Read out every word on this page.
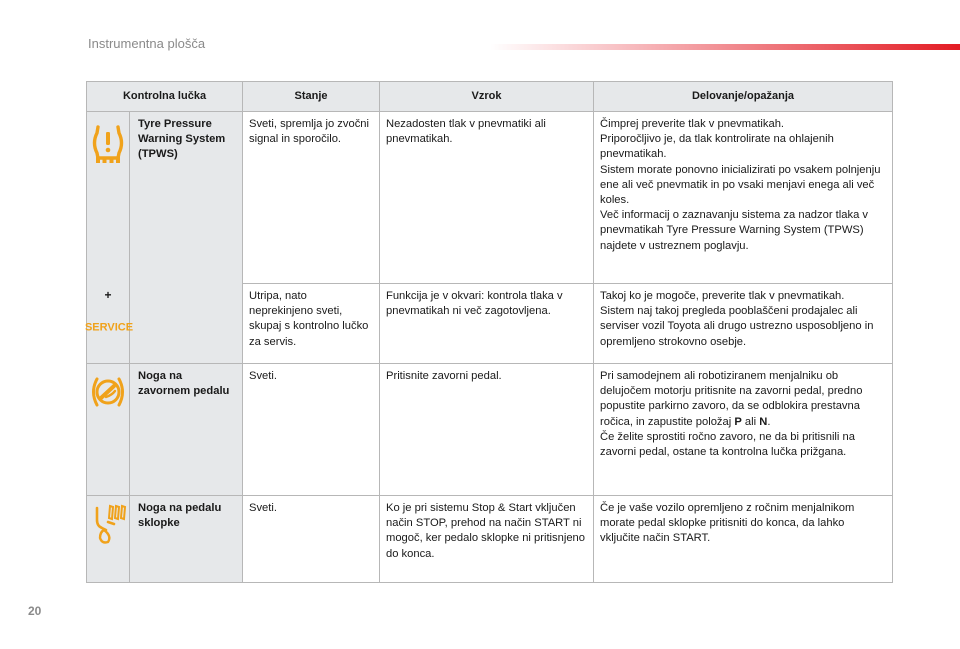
Instrumentna plošča
Kontrolna lučka		Stanje	Vzrok	Delovanje/opažanja

+
SERVICE	Tyre Pressure Warning System (TPWS)	Sveti, spremlja jo zvočni signal in sporočilo.	Nezadosten tlak v pnevmatiki ali pnevmatikah.	Čimprej preverite tlak v pnevmatikah.
Priporočljivo je, da tlak kontrolirate na ohlajenih pnevmatikah.
Sistem morate ponovno inicializirati po vsakem polnjenju ene ali več pnevmatik in po vsaki menjavi enega ali več koles.
Več informacij o zaznavanju sistema za nadzor tlaka v pnevmatikah Tyre Pressure Warning System (TPWS) najdete v ustreznem poglavju.
		Utripa, nato neprekinjeno sveti, skupaj s kontrolno lučko za servis.	Funkcija je v okvari: kontrola tlaka v pnevmatikah ni več zagotovljena.	Takoj ko je mogoče, preverite tlak v pnevmatikah.
Sistem naj takoj pregleda pooblaščeni prodajalec ali serviser vozil Toyota ali drugo ustrezno usposobljeno in opremljeno strokovno osebje.

	Noga na zavornem pedalu	Sveti.	Pritisnite zavorni pedal.	Pri samodejnem ali robotiziranem menjalniku ob delujočem motorju pritisnite na zavorni pedal, predno popustite parkirno zavoro, da se odblokira prestavna ročica, in zapustite položaj P ali N.
Če želite sprostiti ročno zavoro, ne da bi pritisnili na zavorni pedal, ostane ta kontrolna lučka prižgana.

	Noga na pedalu sklopke	Sveti.	Ko je pri sistemu Stop & Start vključen način STOP, prehod na način START ni mogoč, ker pedalo sklopke ni pritisnjeno do konca.	Če je vaše vozilo opremljeno z ročnim menjalnikom morate pedal sklopke pritisniti do konca, da lahko vključite način START.
20
